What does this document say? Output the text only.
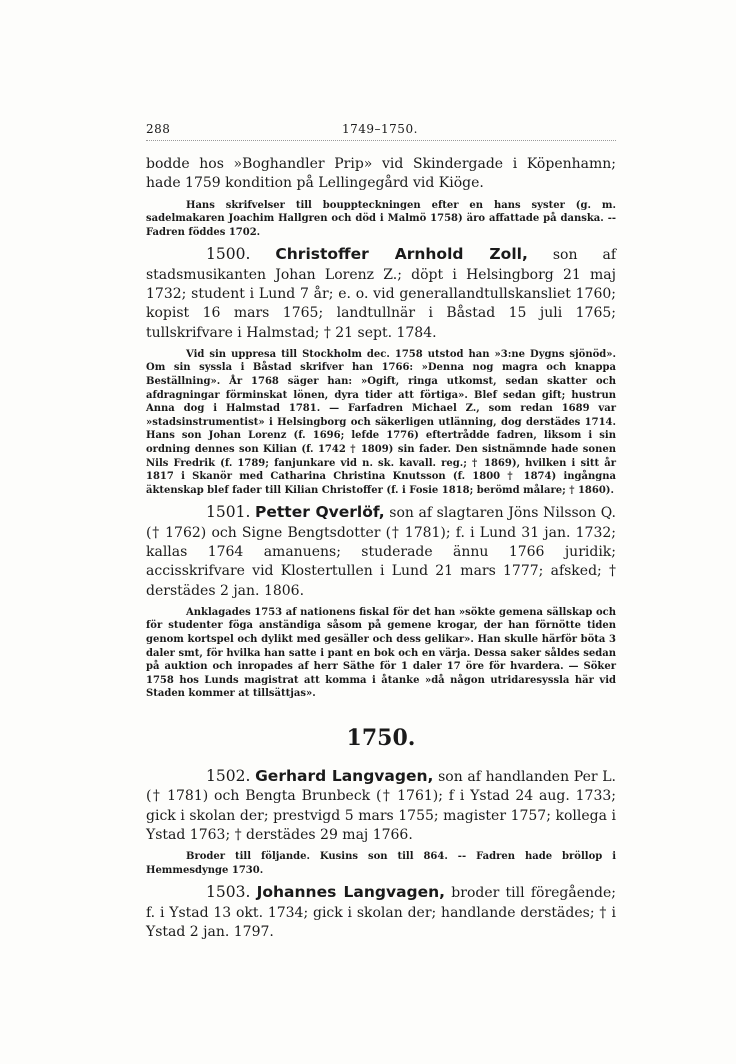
288	1749–1750.

bodde hos »Boghandler Prip» vid Skindergade i Köpenhamn; hade 1759 kondition på Lellingegård vid Kiöge.

Hans skrifvelser till bouppteckningen efter en hans syster (g. m. sadelmakaren Joachim Hallgren och död i Malmö 1758) äro affattade på danska. -- Fadren föddes 1702.

1500. Christoffer Arnhold Zoll, son af stadsmusikanten Johan Lorenz Z.; döpt i Helsingborg 21 maj 1732; student i Lund 7 år; e. o. vid generallandtullskansliet 1760; kopist 16 mars 1765; landtullnär i Båstad 15 juli 1765; tullskrifvare i Halmstad; † 21 sept. 1784.

Vid sin uppresa till Stockholm dec. 1758 utstod han »3:ne Dygns sjönöd». Om sin syssla i Båstad skrifver han 1766: »Denna nog magra och knappa Beställning». År 1768 säger han: »Ogift, ringa utkomst, sedan skatter och afdragningar förminskat lönen, dyra tider att förtiga». Blef sedan gift; hustrun Anna dog i Halmstad 1781. — Farfadren Michael Z., som redan 1689 var »stadsinstrumentist» i Helsingborg och säkerligen utlänning, dog derstädes 1714. Hans son Johan Lorenz (f. 1696; lefde 1776) eftertrådde fadren, liksom i sin ordning dennes son Kilian (f. 1742 † 1809) sin fader. Den sistnämnde hade sonen Nils Fredrik (f. 1789; fanjunkare vid n. sk. kavall. reg.; † 1869), hvilken i sitt år 1817 i Skanör med Catharina Christina Knutsson (f. 1800 † 1874) ingångna äktenskap blef fader till Kilian Christoffer (f. i Fosie 1818; berömd målare; † 1860).

1501. Petter Qverlöf, son af slagtaren Jöns Nilsson Q. († 1762) och Signe Bengtsdotter († 1781); f. i Lund 31 jan. 1732; kallas 1764 amanuens; studerade ännu 1766 juridik; accisskrifvare vid Klostertullen i Lund 21 mars 1777; afsked; † derstädes 2 jan. 1806.

Anklagades 1753 af nationens fiskal för det han »sökte gemena sällskap och för studenter föga anständiga såsom på gemene krogar, der han förnötte tiden genom kortspel och dylikt med gesäller och dess gelikar». Han skulle härför böta 3 daler smt, för hvilka han satte i pant en bok och en värja. Dessa saker såldes sedan på auktion och inropades af herr Säthe för 1 daler 17 öre för hvardera. — Söker 1758 hos Lunds magistrat att komma i åtanke »då någon utridaresyssla här vid Staden kommer at tillsättjas».

1750.

1502. Gerhard Langvagen, son af handlanden Per L. († 1781) och Bengta Brunbeck († 1761); f i Ystad 24 aug. 1733; gick i skolan der; prestvigd 5 mars 1755; magister 1757; kollega i Ystad 1763; † derstädes 29 maj 1766.

Broder till följande. Kusins son till 864. -- Fadren hade bröllop i Hemmesdynge 1730.

1503. Johannes Langvagen, broder till föregående; f. i Ystad 13 okt. 1734; gick i skolan der; handlande derstädes; † i Ystad 2 jan. 1797.
